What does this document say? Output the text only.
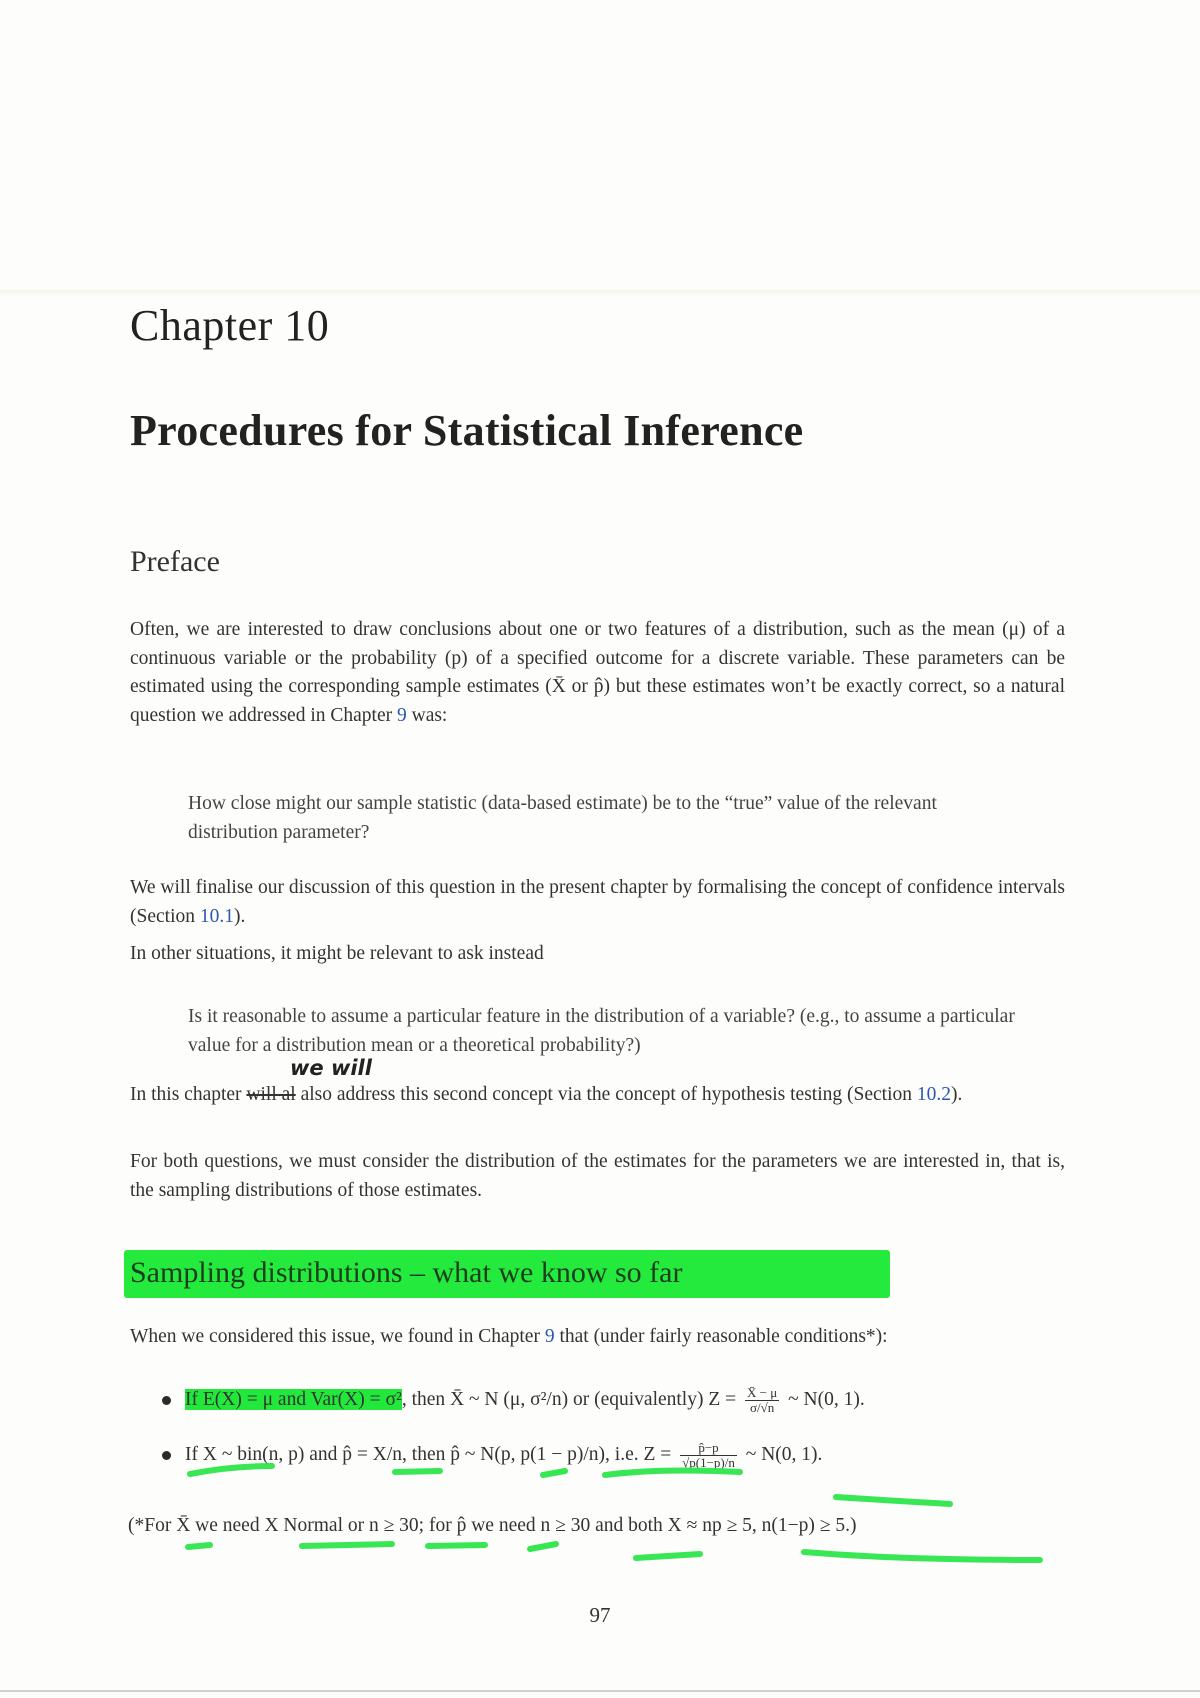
Chapter 10
Procedures for Statistical Inference
Preface
Often, we are interested to draw conclusions about one or two features of a distribution, such as the mean (μ) of a continuous variable or the probability (p) of a specified outcome for a discrete variable. These parameters can be estimated using the corresponding sample estimates (X̄ or p̂) but these estimates won’t be exactly correct, so a natural question we addressed in Chapter 9 was:
How close might our sample statistic (data-based estimate) be to the “true” value of the relevant distribution parameter?
We will finalise our discussion of this question in the present chapter by formalising the concept of confidence intervals (Section 10.1).
In other situations, it might be relevant to ask instead
Is it reasonable to assume a particular feature in the distribution of a variable? (e.g., to assume a particular value for a distribution mean or a theoretical probability?)
we will
In this chapter will al also address this second concept via the concept of hypothesis testing (Section 10.2).
For both questions, we must consider the distribution of the estimates for the parameters we are interested in, that is, the sampling distributions of those estimates.
Sampling distributions – what we know so far
When we considered this issue, we found in Chapter 9 that (under fairly reasonable conditions*):
If E(X) = μ and Var(X) = σ², then X̄ ~ N (μ, σ²/n) or (equivalently) $Z = \frac{X̄ - \mu}{\sigma/√n}$ ~ N(0, 1).
If X ~ bin(n, p) and p̂ = X/n, then p̂ ~ N(p, p(1 − p)/n), i.e. $Z = \frac{p̂-p}{√p(1-p)/n}$ ~ N(0, 1).
(*For X̄ we need X Normal or n ≥ 30; for p̂ we need n ≥ 30 and both X ≈ np ≥ 5, n(1−p) ≥ 5.)
97
